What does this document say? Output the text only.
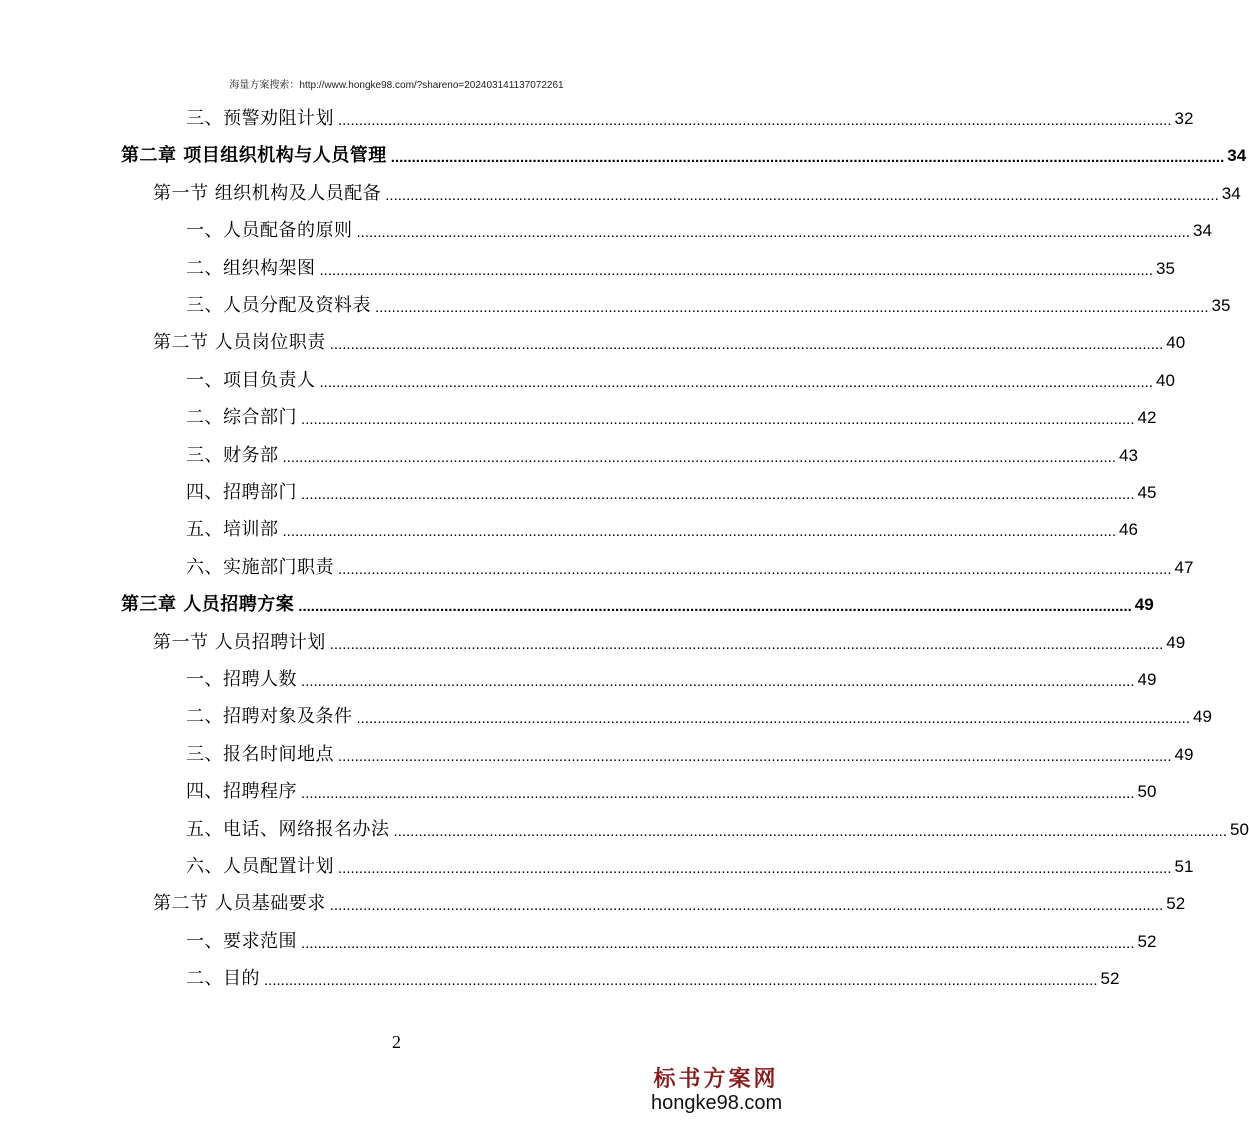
海量方案搜索：http://www.hongke98.com/?shareno=202403141137072261
三、预警劝阻计划 ........................................................................................................................................................................................................ 32
第二章 项目组织机构与人员管理 ........................................................................................................................................................................................................ 34
第一节 组织机构及人员配备 ........................................................................................................................................................................................................ 34
一、人员配备的原则 ........................................................................................................................................................................................................ 34
二、组织构架图 ........................................................................................................................................................................................................ 35
三、人员分配及资料表 ........................................................................................................................................................................................................ 35
第二节 人员岗位职责 ........................................................................................................................................................................................................ 40
一、项目负责人 ........................................................................................................................................................................................................ 40
二、综合部门 ........................................................................................................................................................................................................ 42
三、财务部 ........................................................................................................................................................................................................ 43
四、招聘部门 ........................................................................................................................................................................................................ 45
五、培训部 ........................................................................................................................................................................................................ 46
六、实施部门职责 ........................................................................................................................................................................................................ 47
第三章 人员招聘方案 ........................................................................................................................................................................................................ 49
第一节 人员招聘计划 ........................................................................................................................................................................................................ 49
一、招聘人数 ........................................................................................................................................................................................................ 49
二、招聘对象及条件 ........................................................................................................................................................................................................ 49
三、报名时间地点 ........................................................................................................................................................................................................ 49
四、招聘程序 ........................................................................................................................................................................................................ 50
五、电话、网络报名办法 ........................................................................................................................................................................................................ 50
六、人员配置计划 ........................................................................................................................................................................................................ 51
第二节 人员基础要求 ........................................................................................................................................................................................................ 52
一、要求范围 ........................................................................................................................................................................................................ 52
二、目的 ........................................................................................................................................................................................................ 52
2
标书方案网
hongke98.com
